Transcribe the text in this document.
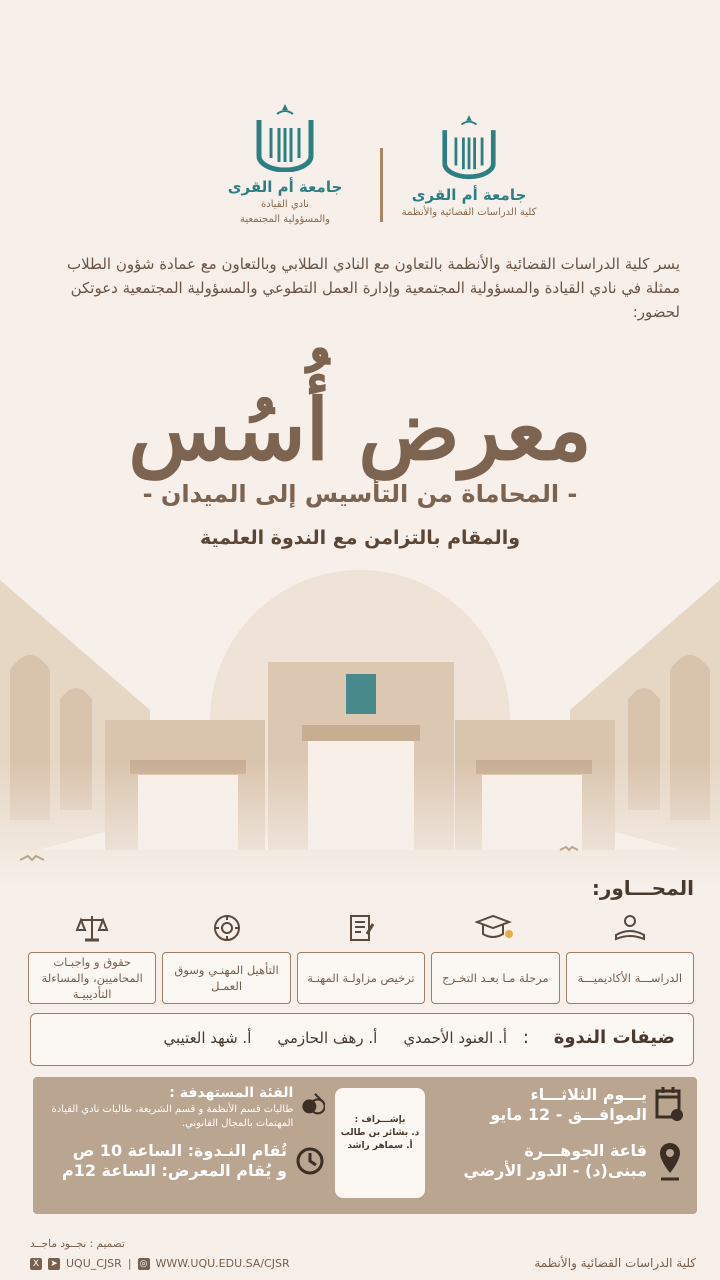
جامعة أم القرى
نادي القيادة
والمسؤولية المجتمعية
جامعة أم القرى
كلية الدراسات القضائية والأنظمة
يسر كلية الدراسات القضائية والأنظمة بالتعاون مع النادي الطلابي وبالتعاون مع عمادة شؤون الطلاب ممثلة في نادي القيادة والمسؤولية المجتمعية وإدارة العمل التطوعي والمسؤولية المجتمعية دعوتكن لحضور:
معرض أُسُس
- المحاماة من التأسيس إلى الميدان -
والمقام بالتزامن مع الندوة العلمية
المحـــاور:
الدراســـة الأكاديميـــة
مرحلة مـا بعـد التخـرج
ترخيص مزاولـة المهنـة
التأهيل المهنـي وسوق العمـل
حقوق و واجبـات المحاميين، والمساءلة التأديبيـة
ضيفات الندوة
:
أ. العنود الأحمدي
أ. رهف الحازمي
أ. شهد العتيبي
يـــوم الثلاثـــاء
الموافـــق - 12 مايو
قاعة الجوهـــرة
مبنى(د) - الدور الأرضي
بإشـــراف :
د. بشائر بن طالب
أ. سماهر راشد
الفئة المستهدفة :
طالبات قسم الأنظمة و قسم الشريعة، طالبات نادي القيادة المهتمات بالمجال القانوني.
تُقام النـدوة: الساعة 10 ص
و يُقام المعرض: الساعة 12م
تصميم : نجــود ماجــد
X	➤ UQU_CJSR | ◎ WWW.UQU.EDU.SA/CJSR	كلية الدراسات القضائية والأنظمة
